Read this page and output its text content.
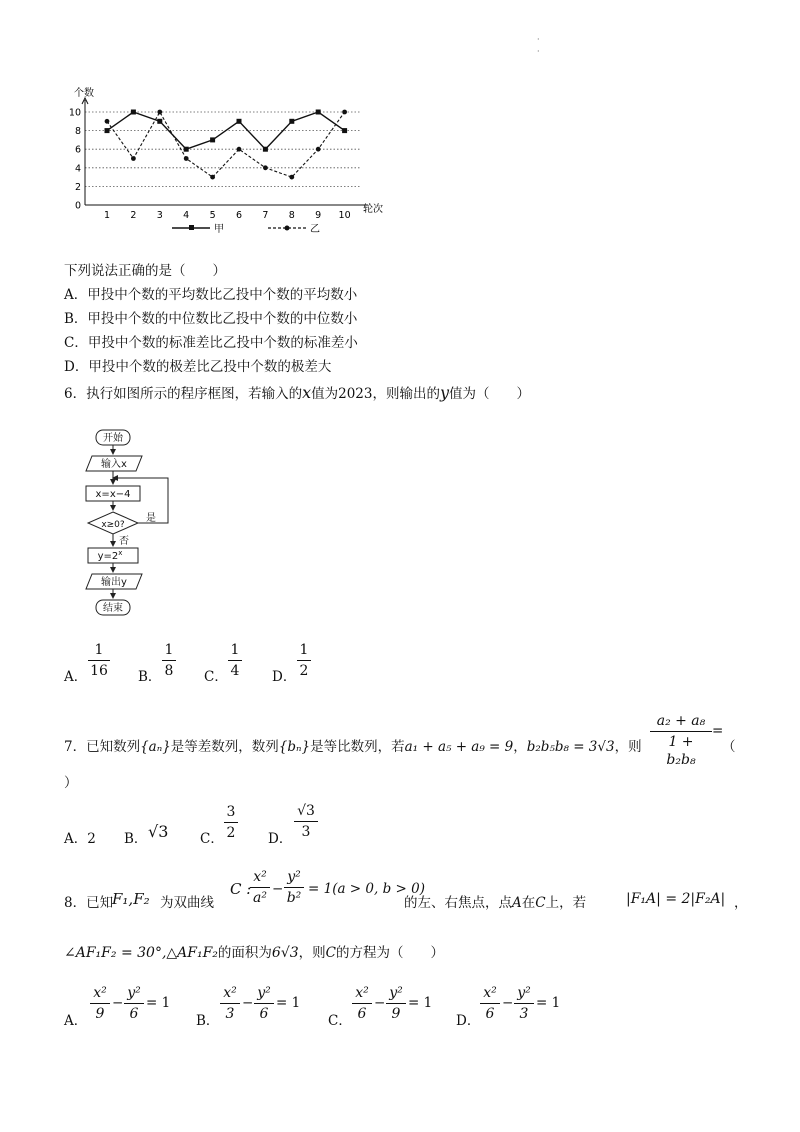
·
·
0
2
4
6
8
10
1 2 3 4 5 6 7 8 9 10
个数
轮次
甲	乙
下列说法正确的是（　　）
A．甲投中个数的平均数比乙投中个数的平均数小
B．甲投中个数的中位数比乙投中个数的中位数小
C．甲投中个数的标准差比乙投中个数的标准差小
D．甲投中个数的极差比乙投中个数的极差大
6．执行如图所示的程序框图，若输入的x值为2023，则输出的y值为（　　）
开始
输入x
x=x−4
x≥0?
是
否
$y=2^x$
输出y
结束
A．
1
16 B．
1
8 C．
1
4 D．
1
2
7．已知数列{aₙ}是等差数列，数列{bₙ}是等比数列，若a₁ + a₅ + a₉ = 9，b₂b₅b₈ = 3√3，则
a₂ + a₈
1 + b₂b₈
=
（
）
A．2 B． √3 C．
3
2 D．
√3
3
8．已知
F₁,F₂ 为双曲线
C :
x²
a²
−
y²
b²
= 1(a > 0, b > 0)
的左、右焦点，点A在C上，若	|F₁A| = 2|F₂A| ，
∠AF₁F₂ = 30°,△AF₁F₂的面积为6√3，则C的方程为（　　）
A．
x²
9
−
y²
6
= 1
B．
x²
3
−
y²
6
= 1
C．
x²
6
−
y²
9
= 1
D．
x²
6
−
y²
3
= 1
